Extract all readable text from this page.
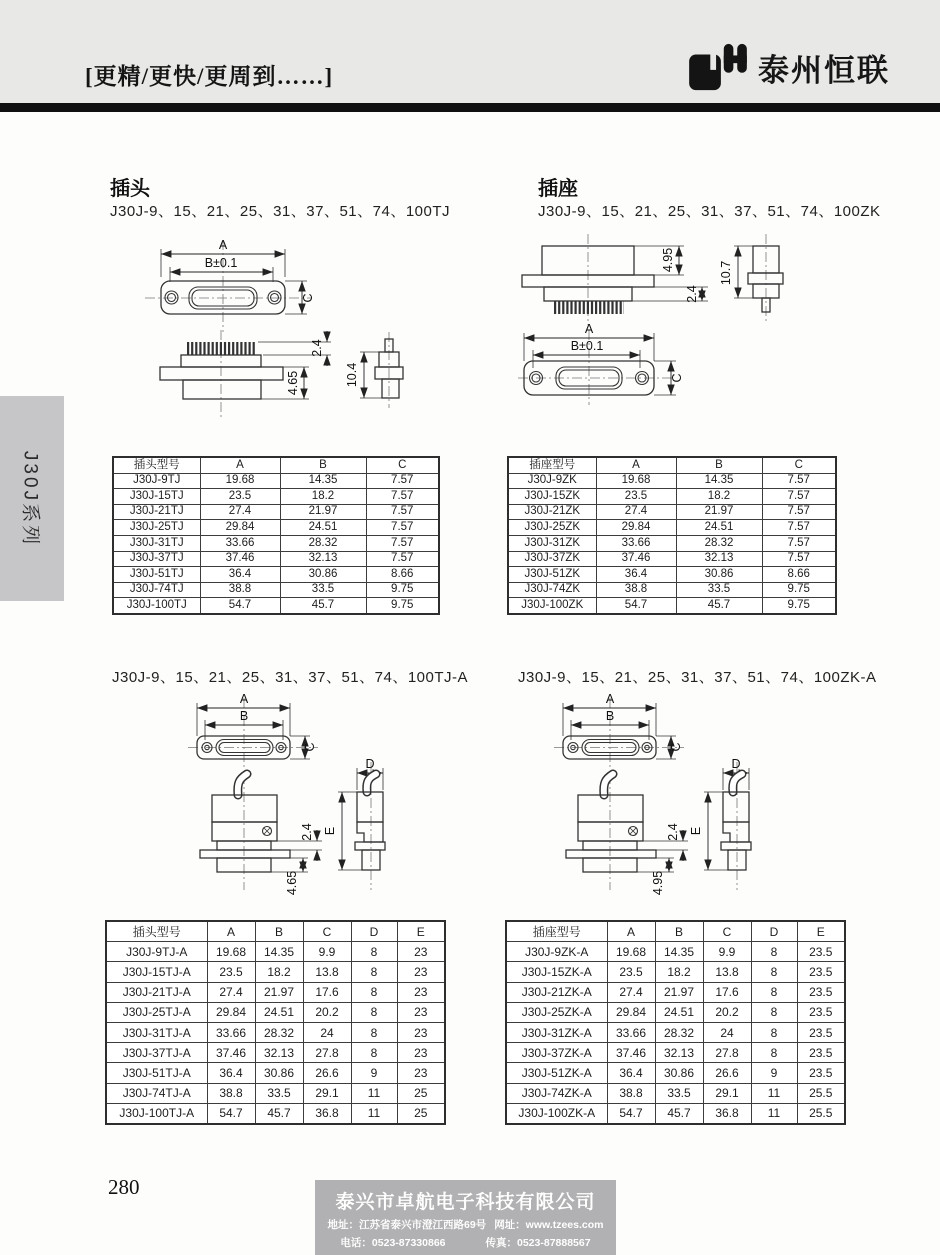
[更精/更快/更周到……]	泰州恒联
J30J系列
插头
J30J-9、15、21、25、31、37、51、74、100TJ
插座
J30J-9、15、21、25、31、37、51、74、100ZK
J30J-9、15、21、25、31、37、51、74、100TJ-A	J30J-9、15、21、25、31、37、51、74、100ZK-A
A
B±0.1
C
2.4
4.65	10.4
4.95
2.4
10.7
A
B±0.1
C
A
B
C
2.4
4.65
D
E
A
B
C
2.4
4.95
D
E
插头型号	A	B	C
J30J-9TJ	19.68	14.35	7.57
J30J-15TJ	23.5	18.2	7.57
J30J-21TJ	27.4	21.97	7.57
J30J-25TJ	29.84	24.51	7.57
J30J-31TJ	33.66	28.32	7.57
J30J-37TJ	37.46	32.13	7.57
J30J-51TJ	36.4	30.86	8.66
J30J-74TJ	38.8	33.5	9.75
J30J-100TJ	54.7	45.7	9.75
插座型号	A	B	C
J30J-9ZK	19.68	14.35	7.57
J30J-15ZK	23.5	18.2	7.57
J30J-21ZK	27.4	21.97	7.57
J30J-25ZK	29.84	24.51	7.57
J30J-31ZK	33.66	28.32	7.57
J30J-37ZK	37.46	32.13	7.57
J30J-51ZK	36.4	30.86	8.66
J30J-74ZK	38.8	33.5	9.75
J30J-100ZK	54.7	45.7	9.75
插头型号	A	B	C	D	E
J30J-9TJ-A	19.68	14.35	9.9	8	23
J30J-15TJ-A	23.5	18.2	13.8	8	23
J30J-21TJ-A	27.4	21.97	17.6	8	23
J30J-25TJ-A	29.84	24.51	20.2	8	23
J30J-31TJ-A	33.66	28.32	24	8	23
J30J-37TJ-A	37.46	32.13	27.8	8	23
J30J-51TJ-A	36.4	30.86	26.6	9	23
J30J-74TJ-A	38.8	33.5	29.1	11	25
J30J-100TJ-A	54.7	45.7	36.8	11	25
插座型号	A	B	C	D	E
J30J-9ZK-A	19.68	14.35	9.9	8	23.5
J30J-15ZK-A	23.5	18.2	13.8	8	23.5
J30J-21ZK-A	27.4	21.97	17.6	8	23.5
J30J-25ZK-A	29.84	24.51	20.2	8	23.5
J30J-31ZK-A	33.66	28.32	24	8	23.5
J30J-37ZK-A	37.46	32.13	27.8	8	23.5
J30J-51ZK-A	36.4	30.86	26.6	9	23.5
J30J-74ZK-A	38.8	33.5	29.1	11	25.5
J30J-100ZK-A	54.7	45.7	36.8	11	25.5
280
泰兴市卓航电子科技有限公司
地址：江苏省泰兴市澄江西路69号 网址：www.tzees.com
电话：0523-87330866	传真：0523-87888567
